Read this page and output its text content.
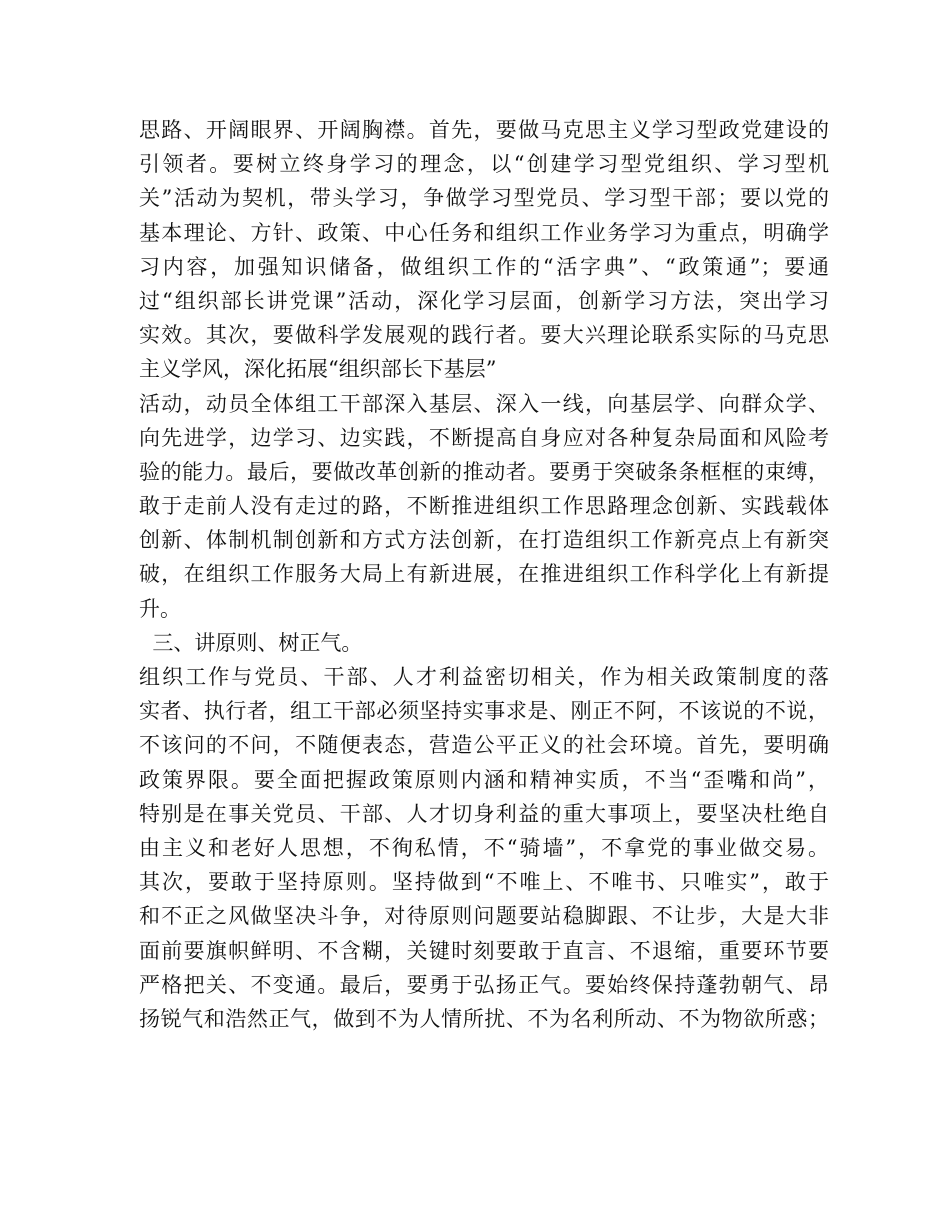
思路、开阔眼界、开阔胸襟。首先，要做马克思主义学习型政党建设的
引领者。要树立终身学习的理念，以“创建学习型党组织、学习型机
关”活动为契机，带头学习，争做学习型党员、学习型干部；要以党的
基本理论、方针、政策、中心任务和组织工作业务学习为重点，明确学
习内容，加强知识储备，做组织工作的“活字典”、“政策通”；要通
过“组织部长讲党课”活动，深化学习层面，创新学习方法，突出学习
实效。其次，要做科学发展观的践行者。要大兴理论联系实际的马克思
主义学风，深化拓展“组织部长下基层”
活动，动员全体组工干部深入基层、深入一线，向基层学、向群众学、
向先进学，边学习、边实践，不断提高自身应对各种复杂局面和风险考
验的能力。最后，要做改革创新的推动者。要勇于突破条条框框的束缚，
敢于走前人没有走过的路，不断推进组织工作思路理念创新、实践载体
创新、体制机制创新和方式方法创新，在打造组织工作新亮点上有新突
破，在组织工作服务大局上有新进展，在推进组织工作科学化上有新提
升。
三、讲原则、树正气。
组织工作与党员、干部、人才利益密切相关，作为相关政策制度的落
实者、执行者，组工干部必须坚持实事求是、刚正不阿，不该说的不说，
不该问的不问，不随便表态，营造公平正义的社会环境。首先，要明确
政策界限。要全面把握政策原则内涵和精神实质，不当“歪嘴和尚”，
特别是在事关党员、干部、人才切身利益的重大事项上，要坚决杜绝自
由主义和老好人思想，不徇私情，不“骑墙”，不拿党的事业做交易。
其次，要敢于坚持原则。坚持做到“不唯上、不唯书、只唯实”，敢于
和不正之风做坚决斗争，对待原则问题要站稳脚跟、不让步，大是大非
面前要旗帜鲜明、不含糊，关键时刻要敢于直言、不退缩，重要环节要
严格把关、不变通。最后，要勇于弘扬正气。要始终保持蓬勃朝气、昂
扬锐气和浩然正气，做到不为人情所扰、不为名利所动、不为物欲所惑；
